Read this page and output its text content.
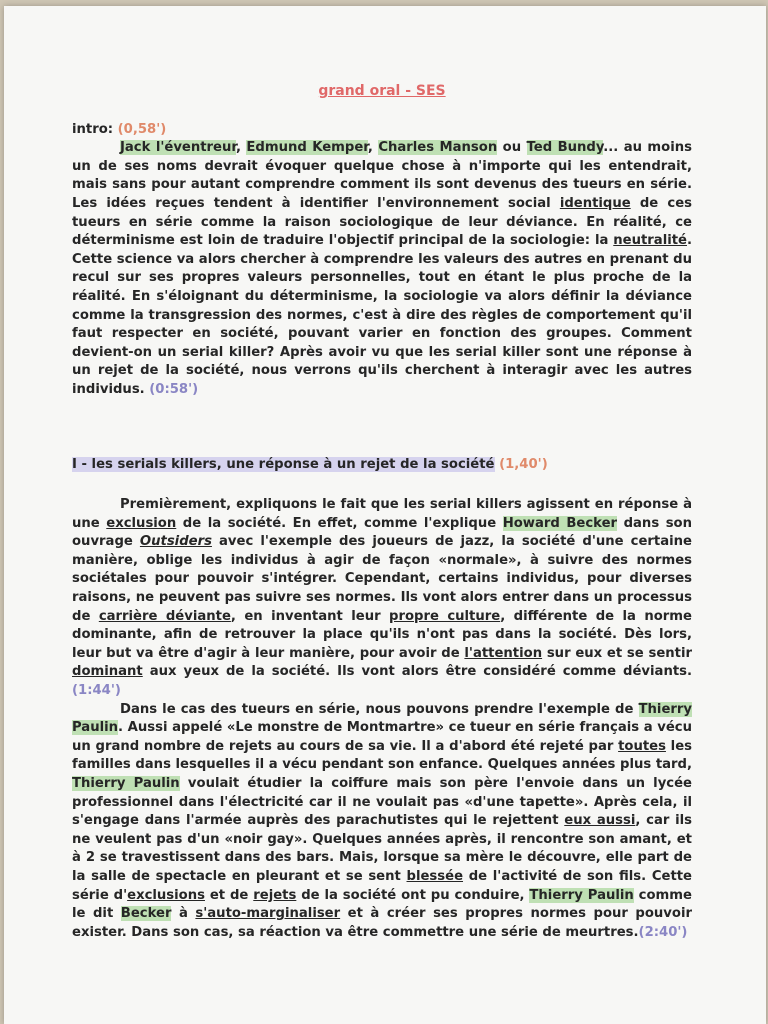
grand oral - SES

intro: (0,58')

Jack l'éventreur, Edmund Kemper, Charles Manson ou Ted Bundy... au moins un de ses noms devrait évoquer quelque chose à n'importe qui les entendrait, mais sans pour autant comprendre comment ils sont devenus des tueurs en série. Les idées reçues tendent à identifier l'environnement social identique de ces tueurs en série comme la raison sociologique de leur déviance. En réalité, ce déterminisme est loin de traduire l'objectif principal de la sociologie: la neutralité. Cette science va alors chercher à comprendre les valeurs des autres en prenant du recul sur ses propres valeurs personnelles, tout en étant le plus proche de la réalité. En s'éloignant du déterminisme, la sociologie va alors définir la déviance comme la transgression des normes, c'est à dire des règles de comportement qu'il faut respecter en société, pouvant varier en fonction des groupes. Comment devient-on un serial killer? Après avoir vu que les serial killer sont une réponse à un rejet de la société, nous verrons qu'ils cherchent à interagir avec les autres individus. (0:58')

I - les serials killers, une réponse à un rejet de la société (1,40')

Premièrement, expliquons le fait que les serial killers agissent en réponse à une exclusion de la société. En effet, comme l'explique Howard Becker dans son ouvrage Outsiders avec l'exemple des joueurs de jazz, la société d'une certaine manière, oblige les individus à agir de façon «normale», à suivre des normes sociétales pour pouvoir s'intégrer. Cependant, certains individus, pour diverses raisons, ne peuvent pas suivre ses normes. Ils vont alors entrer dans un processus de carrière déviante, en inventant leur propre culture, différente de la norme dominante, afin de retrouver la place qu'ils n'ont pas dans la société. Dès lors, leur but va être d'agir à leur manière, pour avoir de l'attention sur eux et se sentir dominant aux yeux de la société. Ils vont alors être considéré comme déviants. (1:44')

Dans le cas des tueurs en série, nous pouvons prendre l'exemple de Thierry Paulin. Aussi appelé «Le monstre de Montmartre» ce tueur en série français a vécu un grand nombre de rejets au cours de sa vie. Il a d'abord été rejeté par toutes les familles dans lesquelles il a vécu pendant son enfance. Quelques années plus tard, Thierry Paulin voulait étudier la coiffure mais son père l'envoie dans un lycée professionnel dans l'électricité car il ne voulait pas «d'une tapette». Après cela, il s'engage dans l'armée auprès des parachutistes qui le rejettent eux aussi, car ils ne veulent pas d'un «noir gay». Quelques années après, il rencontre son amant, et à 2 se travestissent dans des bars. Mais, lorsque sa mère le découvre, elle part de la salle de spectacle en pleurant et se sent blessée de l'activité de son fils. Cette série d'exclusions et de rejets de la société ont pu conduire, Thierry Paulin comme le dit Becker à s'auto-marginaliser et à créer ses propres normes pour pouvoir exister. Dans son cas, sa réaction va être commettre une série de meurtres.(2:40')
